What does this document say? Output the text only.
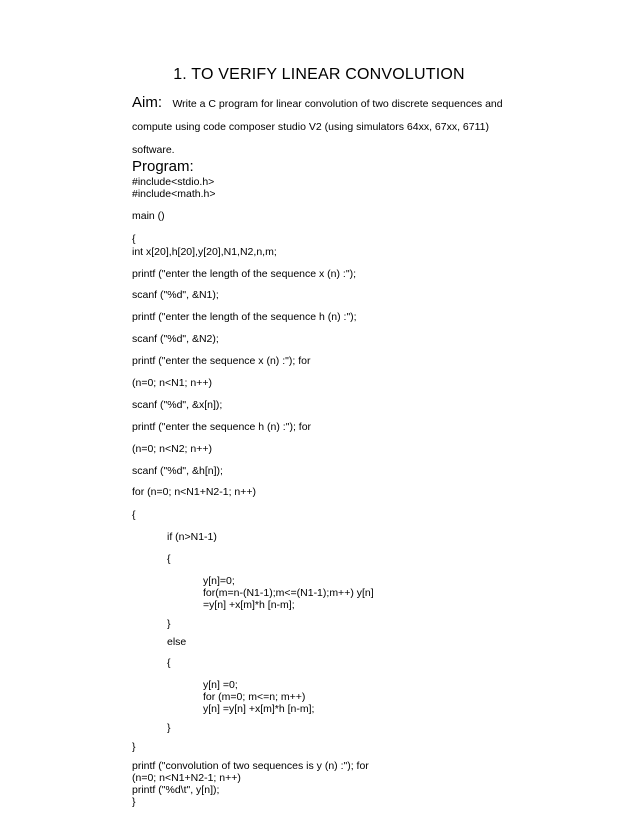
1. TO VERIFY LINEAR CONVOLUTION
Aim: Write a C program for linear convolution of two discrete sequences and
compute using code composer studio V2 (using simulators 64xx, 67xx, 6711)
software.
Program:
#include<stdio.h>
#include<math.h>
main ()
{
int x[20],h[20],y[20],N1,N2,n,m;
printf ("enter the length of the sequence x (n) :");
scanf ("%d", &N1);
printf ("enter the length of the sequence h (n) :");
scanf ("%d", &N2);
printf ("enter the sequence x (n) :"); for
(n=0; n<N1; n++)
scanf ("%d", &x[n]);
printf ("enter the sequence h (n) :"); for
(n=0; n<N2; n++)
scanf ("%d", &h[n]);
for (n=0; n<N1+N2-1; n++)
{
if (n>N1-1)
{
y[n]=0;
for(m=n-(N1-1);m<=(N1-1);m++) y[n]
=y[n] +x[m]*h [n-m];
}
else
{
y[n] =0;
for (m=0; m<=n; m++)
y[n] =y[n] +x[m]*h [n-m];
}
}
printf ("convolution of two sequences is y (n) :"); for
(n=0; n<N1+N2-1; n++)
printf ("%d\t", y[n]);
}
